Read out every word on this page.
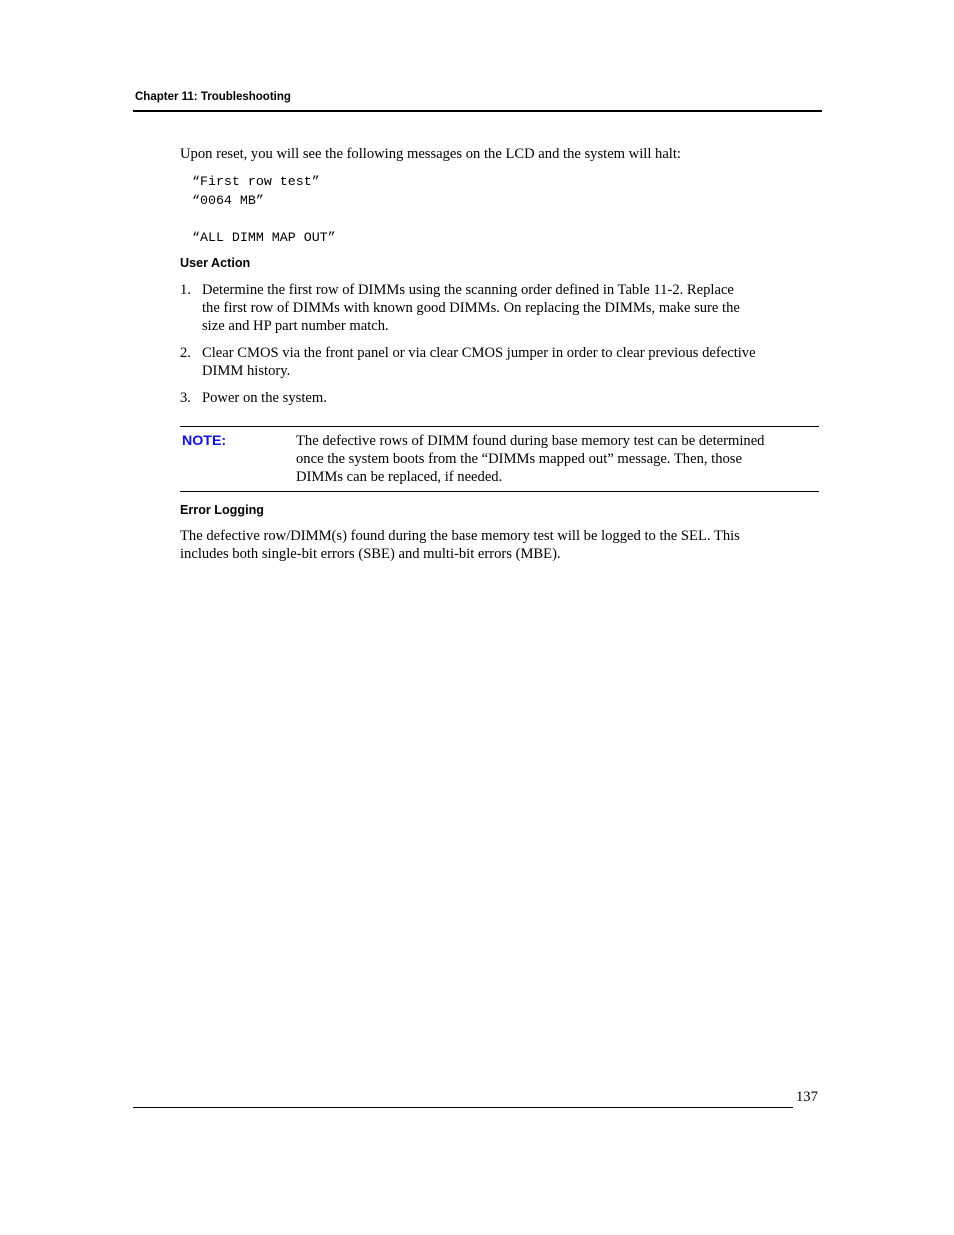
Chapter 11: Troubleshooting
Upon reset, you will see the following messages on the LCD and the system will halt:
“First row test”
“0064 MB”
“ALL DIMM MAP OUT”
User Action
1. Determine the first row of DIMMs using the scanning order defined in Table 11-2. Replace
the first row of DIMMs with known good DIMMs. On replacing the DIMMs, make sure the
size and HP part number match.
2. Clear CMOS via the front panel or via clear CMOS jumper in order to clear previous defective
DIMM history.
3. Power on the system.
NOTE:	The defective rows of DIMM found during base memory test can be determined
once the system boots from the “DIMMs mapped out” message. Then, those
DIMMs can be replaced, if needed.
Error Logging
The defective row/DIMM(s) found during the base memory test will be logged to the SEL. This
includes both single-bit errors (SBE) and multi-bit errors (MBE).
137
